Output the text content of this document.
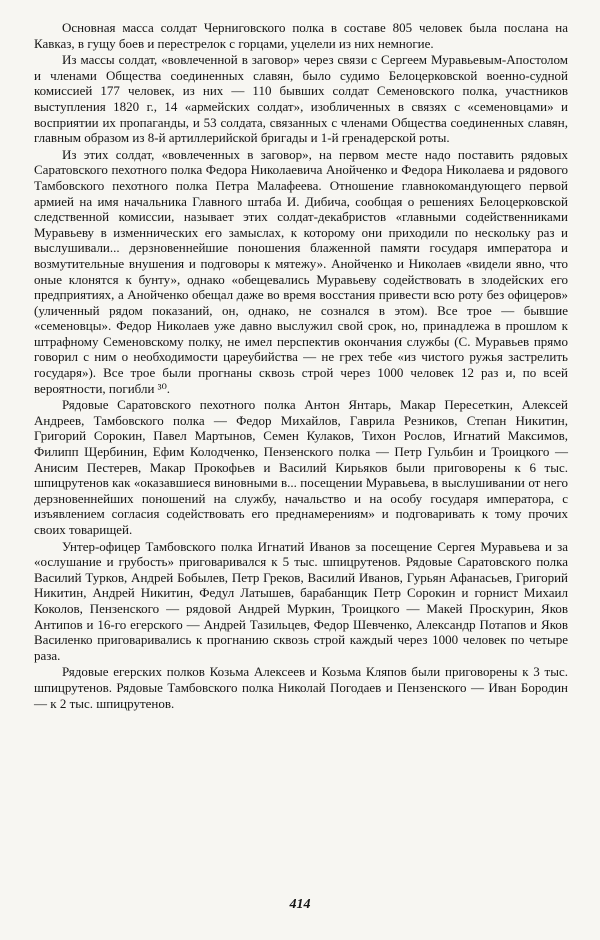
Основная масса солдат Черниговского полка в составе 805 человек была послана на Кавказ, в гущу боев и перестрелок с горцами, уцелели из них немногие.

Из массы солдат, «вовлеченной в заговор» через связи с Сергеем Муравьевым-Апостолом и членами Общества соединенных славян, было судимо Белоцерковской военно-судной комиссией 177 человек, из них — 110 бывших солдат Семеновского полка, участников выступления 1820 г., 14 «армейских солдат», изобличенных в связях с «семеновцами» и восприятии их пропаганды, и 53 солдата, связанных с членами Общества соединенных славян, главным образом из 8-й артиллерийской бригады и 1-й гренадерской роты.

Из этих солдат, «вовлеченных в заговор», на первом месте надо поставить рядовых Саратовского пехотного полка Федора Николаевича Анойченко и Федора Николаева и рядового Тамбовского пехотного полка Петра Малафеева. Отношение главнокомандующего первой армией на имя начальника Главного штаба И. Дибича, сообщая о решениях Белоцерковской следственной комиссии, называет этих солдат-декабристов «главными содейственниками Муравьеву в изменнических его замыслах, к которому они приходили по нескольку раз и выслушивали... дерзновеннейшие поношения блаженной памяти государя императора и возмутительные внушения и подговоры к мятежу». Анойченко и Николаев «видели явно, что оные клонятся к бунту», однако «обещевались Муравьеву содействовать в злодейских его предприятиях, а Анойченко обещал даже во время восстания привести всю роту без офицеров» (уличенный рядом показаний, он, однако, не сознался в этом). Все трое — бывшие «семеновцы». Федор Николаев уже давно выслужил свой срок, но, принадлежа в прошлом к штрафному Семеновскому полку, не имел перспектив окончания службы (С. Муравьев прямо говорил с ним о необходимости цареубийства — не грех тебе «из чистого ружья застрелить государя»). Все трое были прогнаны сквозь строй через 1000 человек 12 раз и, по всей вероятности, погибли ³⁰.

Рядовые Саратовского пехотного полка Антон Янтарь, Макар Пересеткин, Алексей Андреев, Тамбовского полка — Федор Михайлов, Гаврила Резников, Степан Никитин, Григорий Сорокин, Павел Мартынов, Семен Кулаков, Тихон Рослов, Игнатий Максимов, Филипп Щербинин, Ефим Колодченко, Пензенского полка — Петр Гульбин и Троицкого — Анисим Пестерев, Макар Прокофьев и Василий Кирьяков были приговорены к 6 тыс. шпицрутенов как «оказавшиеся виновными в... посещении Муравьева, в выслушивании от него дерзновеннейших поношений на службу, начальство и на особу государя императора, с изъявлением согласия содействовать его преднамерениям» и подговаривать к тому прочих своих товарищей.

Унтер-офицер Тамбовского полка Игнатий Иванов за посещение Сергея Муравьева и за «ослушание и грубость» приговаривался к 5 тыс. шпицрутенов. Рядовые Саратовского полка Василий Турков, Андрей Бобылев, Петр Греков, Василий Иванов, Гурьян Афанасьев, Григорий Никитин, Андрей Никитин, Федул Латышев, барабанщик Петр Сорокин и горнист Михаил Коколов, Пензенского — рядовой Андрей Муркин, Троицкого — Макей Проскурин, Яков Антипов и 16-го егерского — Андрей Тазильцев, Федор Шевченко, Александр Потапов и Яков Василенко приговаривались к прогнанию сквозь строй каждый через 1000 человек по четыре раза.

Рядовые егерских полков Козьма Алексеев и Козьма Кляпов были приговорены к 3 тыс. шпицрутенов. Рядовые Тамбовского полка Николай Погодаев и Пензенского — Иван Бородин — к 2 тыс. шпицрутенов.

414
